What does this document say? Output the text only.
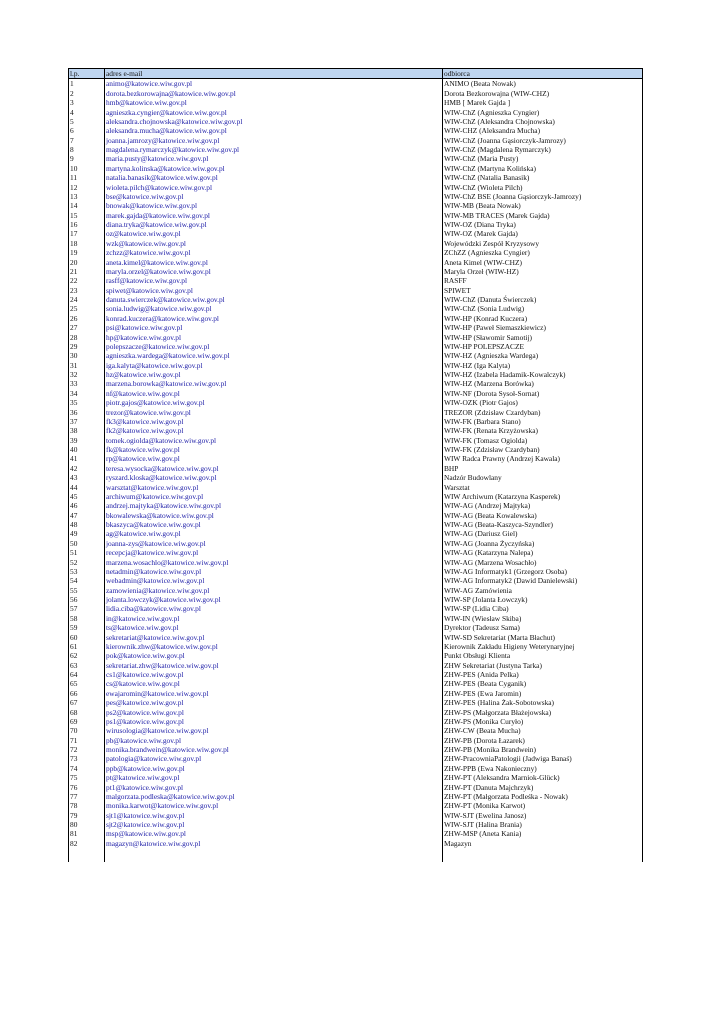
l.p.	adres e-mail	odbiorca
1	animo@katowice.wiw.gov.pl	ANIMO (Beata Nowak)
2	dorota.bezkorowajna@katowice.wiw.gov.pl	Dorota Bezkorowajna (WIW-CHZ)
3	hmb@katowice.wiw.gov.pl	HMB [ Marek Gajda ]
4	agnieszka.cyngier@katowice.wiw.gov.pl	WIW-ChZ (Agnieszka Cyngier)
5	aleksandra.chojnowska@katowice.wiw.gov.pl	WIW-ChZ (Aleksandra Chojnowska)
6	aleksandra.mucha@katowice.wiw.gov.pl	WIW-CHZ (Aleksandra Mucha)
7	joanna.jamrozy@katowice.wiw.gov.pl	WIW-ChZ (Joanna Gąsiorczyk-Jamrozy)
8	magdalena.rymarczyk@katowice.wiw.gov.pl	WIW-ChZ (Magdalena Rymarczyk)
9	maria.pusty@katowice.wiw.gov.pl	WIW-ChZ (Maria Pusty)
10	martyna.kolinska@katowice.wiw.gov.pl	WIW-ChZ (Martyna Kolińska)
11	natalia.banasik@katowice.wiw.gov.pl	WIW-ChZ (Natalia Banasik)
12	wioleta.pilch@katowice.wiw.gov.pl	WIW-ChZ (Wioleta Pilch)
13	bse@katowice.wiw.gov.pl	WIW-ChZ BSE (Joanna Gąsiorczyk-Jamrozy)
14	bnowak@katowice.wiw.gov.pl	WIW-MB (Beata Nowak)
15	marek.gajda@katowice.wiw.gov.pl	WIW-MB TRACES (Marek Gajda)
16	diana.tryka@katowice.wiw.gov.pl	WIW-OZ (Diana Tryka)
17	oz@katowice.wiw.gov.pl	WIW-OZ (Marek Gajda)
18	wzk@katowice.wiw.gov.pl	Wojewódzki Zespół Kryzysowy
19	zchzz@katowice.wiw.gov.pl	ZChZZ (Agnieszka Cyngier)
20	aneta.kimel@katowice.wiw.gov.pl	Aneta Kimel (WIW-CHZ)
21	maryla.orzel@katowice.wiw.gov.pl	Maryla Orzeł (WIW-HZ)
22	rasff@katowice.wiw.gov.pl	RASFF
23	spiwet@katowice.wiw.gov.pl	SPIWET
24	danuta.swierczek@katowice.wiw.gov.pl	WIW-ChZ (Danuta Świerczek)
25	sonia.ludwig@katowice.wiw.gov.pl	WIW-ChZ (Sonia Ludwig)
26	konrad.kuczera@katowice.wiw.gov.pl	WIW-HP (Konrad Kuczera)
27	psi@katowice.wiw.gov.pl	WIW-HP (Paweł Siemaszkiewicz)
28	hp@katowice.wiw.gov.pl	WIW-HP (Sławomir Samotij)
29	polepszacze@katowice.wiw.gov.pl	WIW-HP POLEPSZACZE
30	agnieszka.wardega@katowice.wiw.gov.pl	WIW-HZ (Agnieszka Wardega)
31	iga.kalyta@katowice.wiw.gov.pl	WIW-HZ (Iga Kalyta)
32	hz@katowice.wiw.gov.pl	WIW-HZ (Izabela Hadamik-Kowalczyk)
33	marzena.borowka@katowice.wiw.gov.pl	WIW-HZ (Marzena Borówka)
34	nf@katowice.wiw.gov.pl	WIW-NF (Dorota Sysoł-Sornat)
35	piotr.gajos@katowice.wiw.gov.pl	WIW-OZK (Piotr Gajos)
36	trezor@katowice.wiw.gov.pl	TREZOR (Zdzisław Czardyban)
37	fk3@katowice.wiw.gov.pl	WIW-FK (Barbara Stano)
38	fk2@katowice.wiw.gov.pl	WIW-FK (Renata Krzyżowska)
39	tomek.ogiolda@katowice.wiw.gov.pl	WIW-FK (Tomasz Ogiolda)
40	fk@katowice.wiw.gov.pl	WIW-FK (Zdzisław Czardyban)
41	rp@katowice.wiw.gov.pl	WIW Radca Prawny (Andrzej Kawala)
42	teresa.wysocka@katowice.wiw.gov.pl	BHP
43	ryszard.kloska@katowice.wiw.gov.pl	Nadzór Budowlany
44	warsztat@katowice.wiw.gov.pl	Warsztat
45	archiwum@katowice.wiw.gov.pl	WIW Archiwum (Katarzyna Kasperek)
46	andrzej.majtyka@katowice.wiw.gov.pl	WIW-AG (Andrzej Majtyka)
47	bkowalewska@katowice.wiw.gov.pl	WIW-AG (Beata Kowalewska)
48	bkaszyca@katowice.wiw.gov.pl	WIW-AG (Beata-Kaszyca-Szyndler)
49	ag@katowice.wiw.gov.pl	WIW-AG (Dariusz Giel)
50	joanna-zys@katowice.wiw.gov.pl	WIW-AG (Joanna Życzyńska)
51	recepcja@katowice.wiw.gov.pl	WIW-AG (Katarzyna Nalepa)
52	marzena.wosachlo@katowice.wiw.gov.pl	WIW-AG (Marzena Wosachło)
53	netadmin@katowice.wiw.gov.pl	WIW-AG Informatyk1 (Grzegorz Osoba)
54	webadmin@katowice.wiw.gov.pl	WIW-AG Informatyk2 (Dawid Danielewski)
55	zamowienia@katowice.wiw.gov.pl	WIW-AG Zamówienia
56	jolanta.lowczyk@katowice.wiw.gov.pl	WIW-SP (Jolanta Łowczyk)
57	lidia.ciba@katowice.wiw.gov.pl	WIW-SP (Lidia Ciba)
58	in@katowice.wiw.gov.pl	WIW-IN (Wiesław Skiba)
59	ts@katowice.wiw.gov.pl	Dyrektor (Tadeusz Sama)
60	sekretariat@katowice.wiw.gov.pl	WIW-SD Sekretariat (Marta Błachut)
61	kierownik.zhw@katowice.wiw.gov.pl	Kierownik Zakładu Higieny Weterynaryjnej
62	pok@katowice.wiw.gov.pl	Punkt Obsługi Klienta
63	sekretariat.zhw@katowice.wiw.gov.pl	ZHW Sekretariat (Justyna Tarka)
64	cs1@katowice.wiw.gov.pl	ZHW-PES (Anida Pelka)
65	cs@katowice.wiw.gov.pl	ZHW-PES (Beata Cyganik)
66	ewajaromin@katowice.wiw.gov.pl	ZHW-PES (Ewa Jaromin)
67	pes@katowice.wiw.gov.pl	ZHW-PES (Halina Żak-Sobotowska)
68	ps2@katowice.wiw.gov.pl	ZHW-PS (Małgorzata Błażejowska)
69	ps1@katowice.wiw.gov.pl	ZHW-PS (Monika Curyło)
70	wirusologia@katowice.wiw.gov.pl	ZHW-CW (Beata Mucha)
71	pb@katowice.wiw.gov.pl	ZHW-PB (Dorota Łazarek)
72	monika.brandwein@katowice.wiw.gov.pl	ZHW-PB (Monika Brandwein)
73	patologia@katowice.wiw.gov.pl	ZHW-PracowniaPatologii (Jadwiga Banaś)
74	ppb@katowice.wiw.gov.pl	ZHW-PPB (Ewa Nakonieczny)
75	pt@katowice.wiw.gov.pl	ZHW-PT (Aleksandra Marniok-Glück)
76	pt1@katowice.wiw.gov.pl	ZHW-PT (Danuta Majchrzyk)
77	malgorzata.podleska@katowice.wiw.gov.pl	ZHW-PT (Małgorzata Podleśka - Nowak)
78	monika.karwot@katowice.wiw.gov.pl	ZHW-PT (Monika Karwot)
79	sjt1@katowice.wiw.gov.pl	WIW-SJT (Ewelina Janosz)
80	sjt2@katowice.wiw.gov.pl	WIW-SJT (Halina Brania)
81	msp@katowice.wiw.gov.pl	ZHW-MSP (Aneta Kania)
82	magazyn@katowice.wiw.gov.pl	Magazyn
